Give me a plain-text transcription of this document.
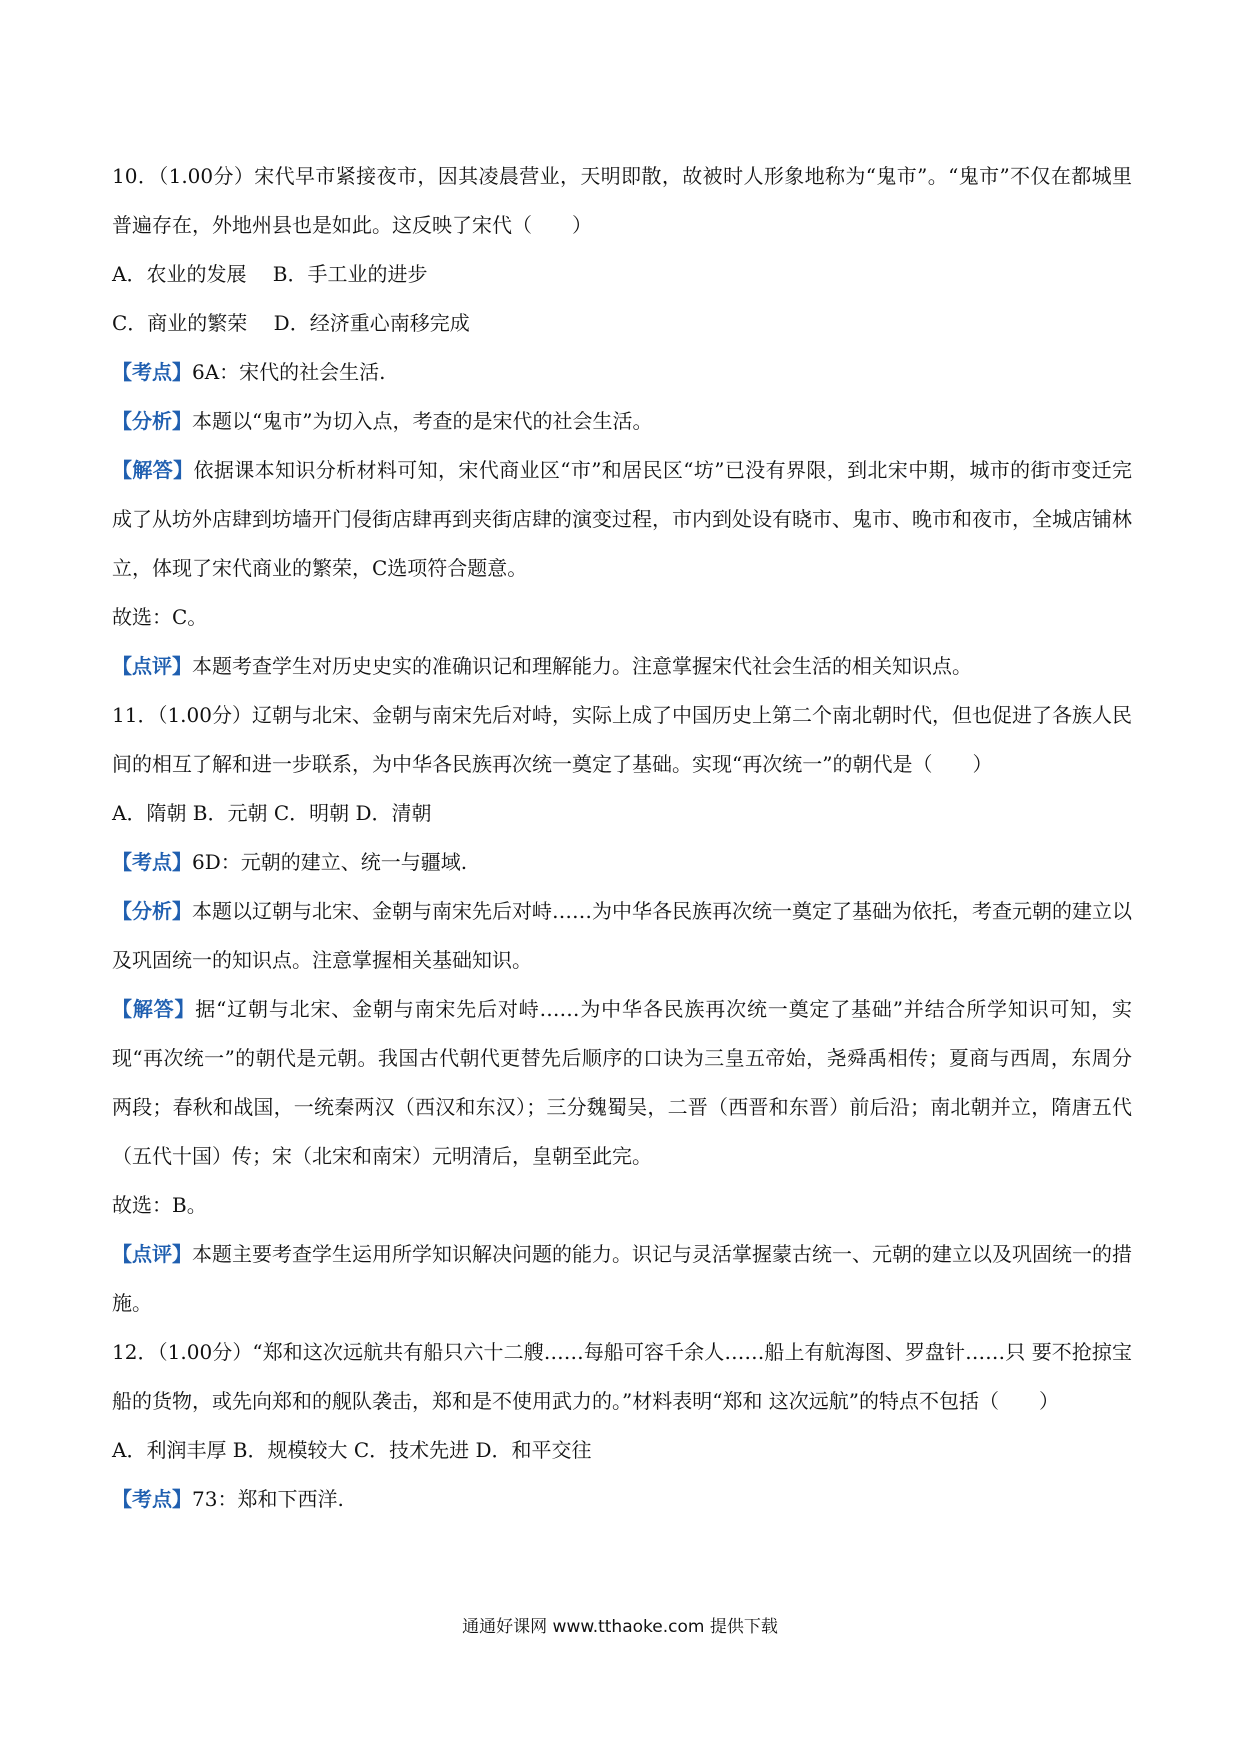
10．（1.00分）宋代早市紧接夜市，因其凌晨营业，天明即散，故被时人形象地称为“鬼市”。“鬼市”不仅在都城里普遍存在，外地州县也是如此。这反映了宋代（　　）

A．农业的发展　 B．手工业的进步

C．商业的繁荣　 D．经济重心南移完成

【考点】6A：宋代的社会生活.

【分析】本题以“鬼市”为切入点，考查的是宋代的社会生活。

【解答】依据课本知识分析材料可知，宋代商业区“市”和居民区“坊”已没有界限，到北宋中期，城市的街市变迁完成了从坊外店肆到坊墙开门侵街店肆再到夹街店肆的演变过程，市内到处设有晓市、鬼市、晚市和夜市，全城店铺林立，体现了宋代商业的繁荣，C选项符合题意。

故选：C。

【点评】本题考查学生对历史史实的准确识记和理解能力。注意掌握宋代社会生活的相关知识点。

11．（1.00分）辽朝与北宋、金朝与南宋先后对峙，实际上成了中国历史上第二个南北朝时代，但也促进了各族人民间的相互了解和进一步联系，为中华各民族再次统一奠定了基础。实现“再次统一”的朝代是（　　）

A．隋朝 B．元朝 C．明朝 D．清朝

【考点】6D：元朝的建立、统一与疆域.

【分析】本题以辽朝与北宋、金朝与南宋先后对峙……为中华各民族再次统一奠定了基础为依托，考查元朝的建立以及巩固统一的知识点。注意掌握相关基础知识。

【解答】据“辽朝与北宋、金朝与南宋先后对峙……为中华各民族再次统一奠定了基础”并结合所学知识可知，实现“再次统一”的朝代是元朝。我国古代朝代更替先后顺序的口诀为三皇五帝始，尧舜禹相传；夏商与西周，东周分两段；春秋和战国，一统秦两汉（西汉和东汉）；三分魏蜀吴，二晋（西晋和东晋）前后沿；南北朝并立，隋唐五代（五代十国）传；宋（北宋和南宋）元明清后，皇朝至此完。

故选：B。

【点评】本题主要考查学生运用所学知识解决问题的能力。识记与灵活掌握蒙古统一、元朝的建立以及巩固统一的措施。

12．（1.00分）“郑和这次远航共有船只六十二艘……每船可容千余人……船上有航海图、罗盘针……只 要不抢掠宝船的货物，或先向郑和的舰队袭击，郑和是不使用武力的。”材料表明“郑和 这次远航”的特点不包括（　　）

A．利润丰厚 B．规模较大 C．技术先进 D．和平交往

【考点】73：郑和下西洋.

通通好课网 www.tthaoke.com 提供下载
